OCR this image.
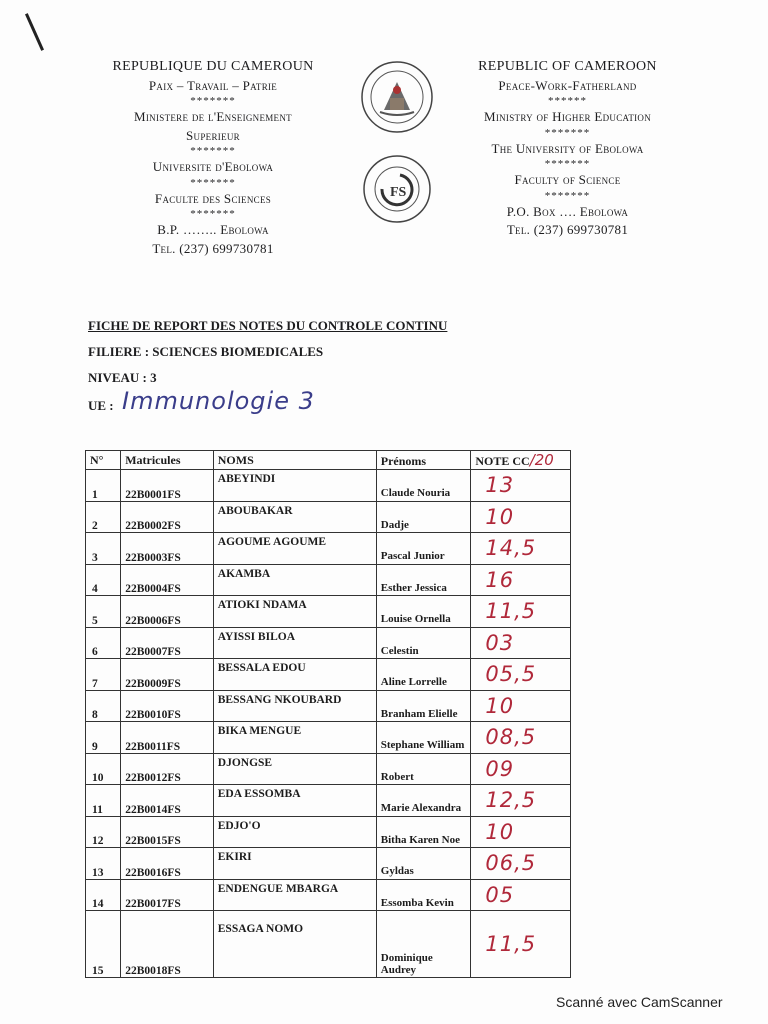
REPUBLIQUE DU CAMEROUN
Paix – Travail – Patrie
*******
Ministere de l'Enseignement
Superieur
*******
Universite d'Ebolowa
*******
Faculte des Sciences
*******
B.P. …….. Ebolowa
Tel. (237) 699730781
FS
REPUBLIC OF CAMEROON
Peace-Work-Fatherland
******
Ministry of Higher Education
*******
The University of Ebolowa
*******
Faculty of Science
*******
P.O. Box …. Ebolowa
Tel. (237) 699730781
FICHE DE REPORT DES NOTES DU CONTROLE CONTINU
FILIERE : SCIENCES BIOMEDICALES
NIVEAU : 3
UE : Immunologie 3
N°	Matricules	NOMS	Prénoms	NOTE CC/20
1	22B0001FS	ABEYINDI	Claude Nouria	13
2	22B0002FS	ABOUBAKAR	Dadje	10
3	22B0003FS	AGOUME AGOUME	Pascal Junior	14,5
4	22B0004FS	AKAMBA	Esther Jessica	16
5	22B0006FS	ATIOKI NDAMA	Louise Ornella	11,5
6	22B0007FS	AYISSI BILOA	Celestin	03
7	22B0009FS	BESSALA EDOU	Aline Lorrelle	05,5
8	22B0010FS	BESSANG NKOUBARD	Branham Elielle	10
9	22B0011FS	BIKA MENGUE	Stephane William	08,5
10	22B0012FS	DJONGSE	Robert	09
11	22B0014FS	EDA ESSOMBA	Marie Alexandra	12,5
12	22B0015FS	EDJO'O	Bitha Karen Noe	10
13	22B0016FS	EKIRI	Gyldas	06,5
14	22B0017FS	ENDENGUE MBARGA	Essomba Kevin	05
15	22B0018FS	ESSAGA NOMO	Dominique Audrey	11,5
Scanné avec CamScanner
